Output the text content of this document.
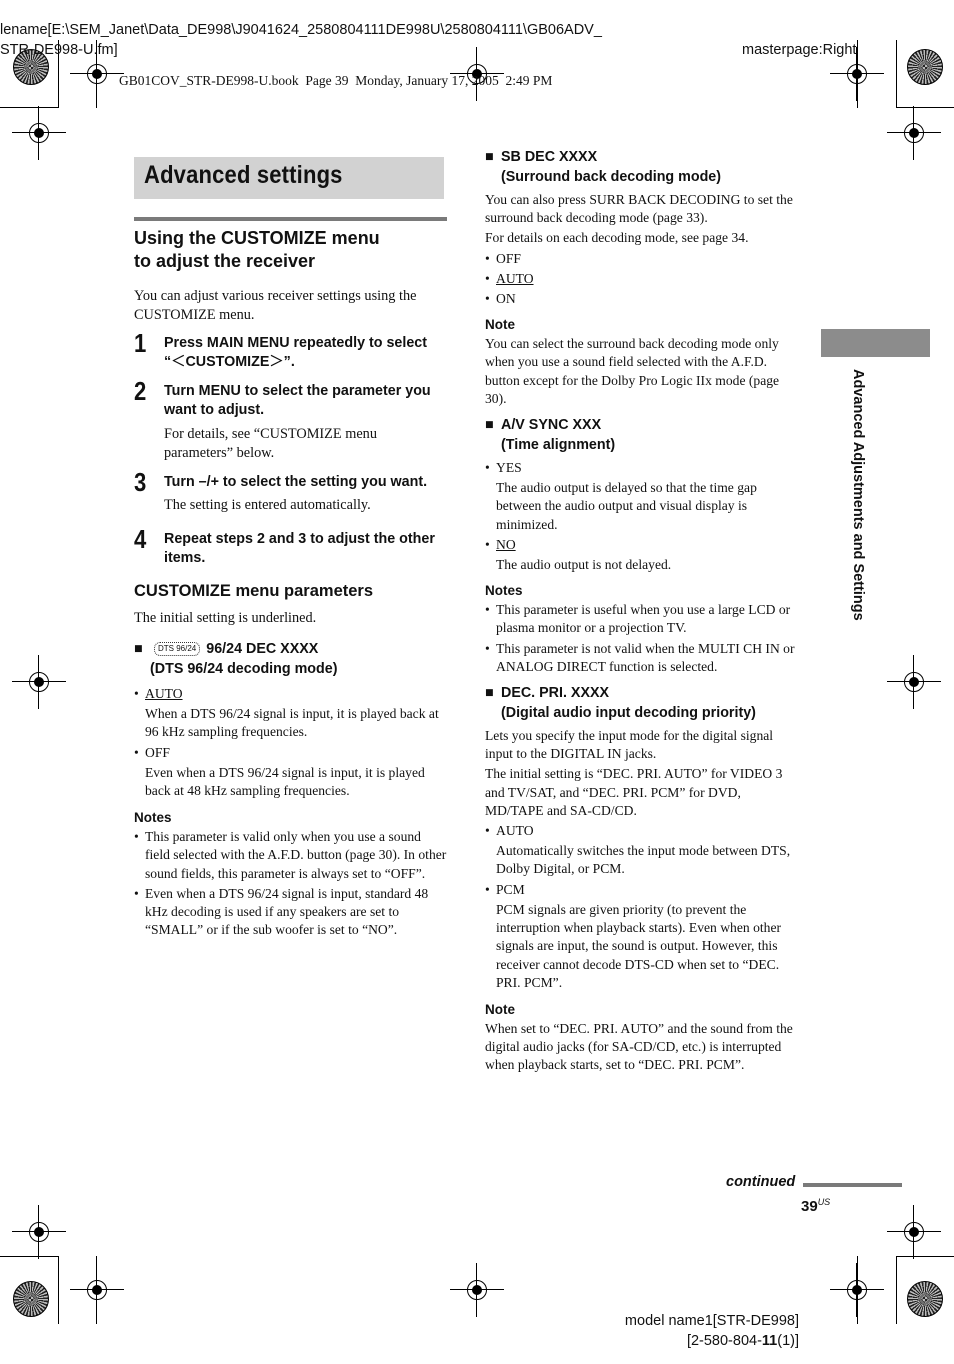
lename[E:\SEM_Janet\Data_DE998\J9041624_2580804111DE998U\2580804111\GB06ADV_
STR-DE998-U.fm]	masterpage:Right
GB01COV_STR-DE998-U.book  Page 39  Monday, January 17, 2005  2:49 PM
Advanced settings
Using the CUSTOMIZE menu
to adjust the receiver

You can adjust various receiver settings using the CUSTOMIZE menu.

1 Press MAIN MENU repeatedly to select “＜CUSTOMIZE＞”.
2 Turn MENU to select the parameter you want to adjust.
For details, see “CUSTOMIZE menu parameters” below.
3 Turn –/+ to select the setting you want.
The setting is entered automatically.
4 Repeat steps 2 and 3 to adjust the other items.
CUSTOMIZE menu parameters

The initial setting is underlined.

■	DTS 96/24 96/24 DEC XXXX
(DTS 96/24 decoding mode)
• AUTO
When a DTS 96/24 signal is input, it is played back at 96 kHz sampling frequencies.
• OFF
Even when a DTS 96/24 signal is input, it is played back at 48 kHz sampling frequencies.
Notes
• This parameter is valid only when you use a sound field selected with the A.F.D. button (page 30). In other sound fields, this parameter is always set to “OFF”.
• Even when a DTS 96/24 signal is input, standard 48 kHz decoding is used if any speakers are set to “SMALL” or if the sub woofer is set to “NO”.
■ SB DEC XXXX
(Surround back decoding mode)
You can also press SURR BACK DECODING to set the surround back decoding mode (page 33).
For details on each decoding mode, see page 34.
• OFF
• AUTO
• ON
Note
You can select the surround back decoding mode only when you use a sound field selected with the A.F.D. button except for the Dolby Pro Logic IIx mode (page 30).
■ A/V SYNC XXX
(Time alignment)
• YES
The audio output is delayed so that the time gap between the audio output and visual display is minimized.
• NO
The audio output is not delayed.
Notes
• This parameter is useful when you use a large LCD or plasma monitor or a projection TV.
• This parameter is not valid when the MULTI CH IN or ANALOG DIRECT function is selected.
■ DEC. PRI. XXXX
(Digital audio input decoding priority)
Lets you specify the input mode for the digital signal input to the DIGITAL IN jacks.
The initial setting is “DEC. PRI. AUTO” for VIDEO 3 and TV/SAT, and “DEC. PRI. PCM” for DVD, MD/TAPE and SA-CD/CD.
• AUTO
Automatically switches the input mode between DTS, Dolby Digital, or PCM.
• PCM
PCM signals are given priority (to prevent the interruption when playback starts). Even when other signals are input, the sound is output. However, this receiver cannot decode DTS-CD when set to “DEC. PRI. PCM”.
Note
When set to “DEC. PRI. AUTO” and the sound from the digital audio jacks (for SA-CD/CD, etc.) is interrupted when playback starts, set to “DEC. PRI. PCM”.
Advanced Adjustments and Settings
continued
$39^{US}$
model name1[STR-DE998]
[2-580-804-11(1)]
